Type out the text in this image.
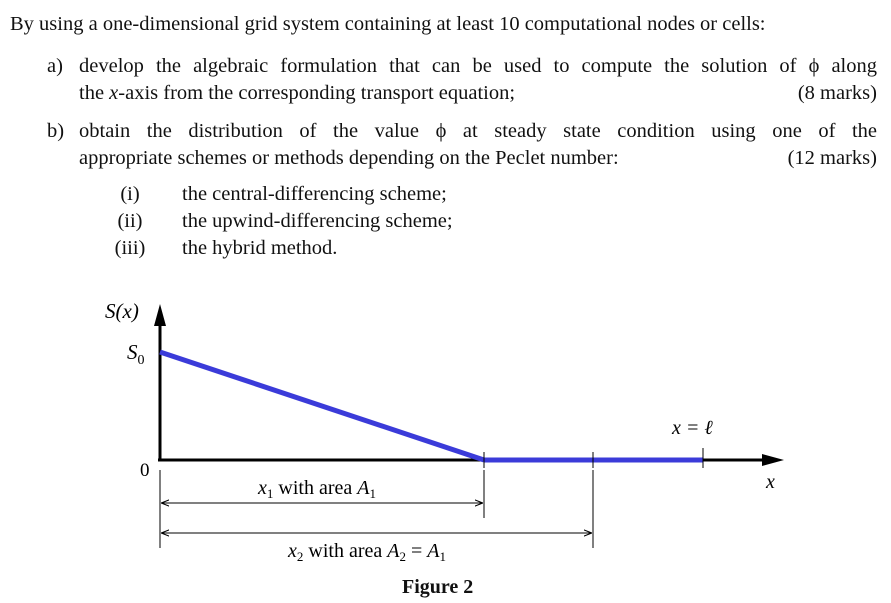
By using a one-dimensional grid system containing at least 10 computational nodes or cells:
a) develop the algebraic formulation that can be used to compute the solution of ϕ along
the x-axis from the corresponding transport equation;	(8 marks)
b) obtain the distribution of the value ϕ at steady state condition using one of the
appropriate schemes or methods depending on the Peclet number:	(12 marks)
(i)	the central-differencing scheme;
(ii) the upwind-differencing scheme;
(iii) the hybrid method.
S(x)
$S_0$
0
x
x = ℓ
$x_1$ with area $A_1$
$x_2$ with area $A_2 = A_1$
Figure 2
